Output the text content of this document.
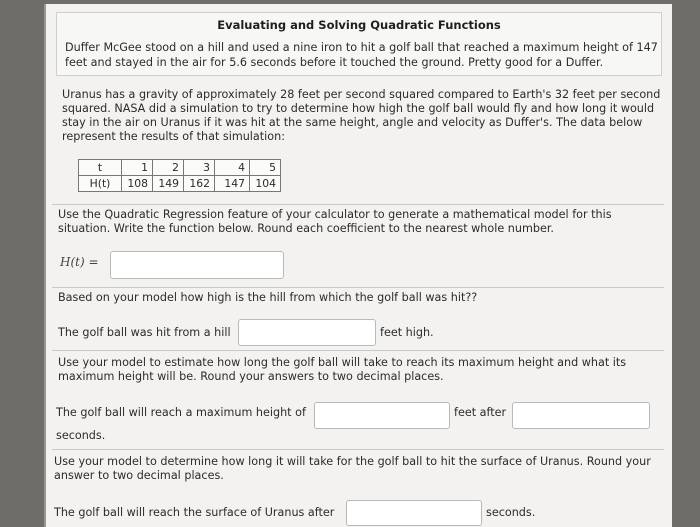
Evaluating and Solving Quadratic Functions
Duffer McGee stood on a hill and used a nine iron to hit a golf ball that reached a maximum height of 147
feet and stayed in the air for 5.6 seconds before it touched the ground. Pretty good for a Duffer.
Uranus has a gravity of approximately 28 feet per second squared compared to Earth's 32 feet per second
squared. NASA did a simulation to try to determine how high the golf ball would fly and how long it would
stay in the air on Uranus if it was hit at the same height, angle and velocity as Duffer's. The data below
represent the results of that simulation:
t	1	2	3	4	5
H(t)	108	149	162	147	104
Use the Quadratic Regression feature of your calculator to generate a mathematical model for this
situation. Write the function below. Round each coefficient to the nearest whole number.
H(t) =
Based on your model how high is the hill from which the golf ball was hit??
The golf ball was hit from a hill	feet high.
Use your model to estimate how long the golf ball will take to reach its maximum height and what its
maximum height will be. Round your answers to two decimal places.
The golf ball will reach a maximum height of	feet after
seconds.
Use your model to determine how long it will take for the golf ball to hit the surface of Uranus. Round your
answer to two decimal places.
The golf ball will reach the surface of Uranus after	seconds.
